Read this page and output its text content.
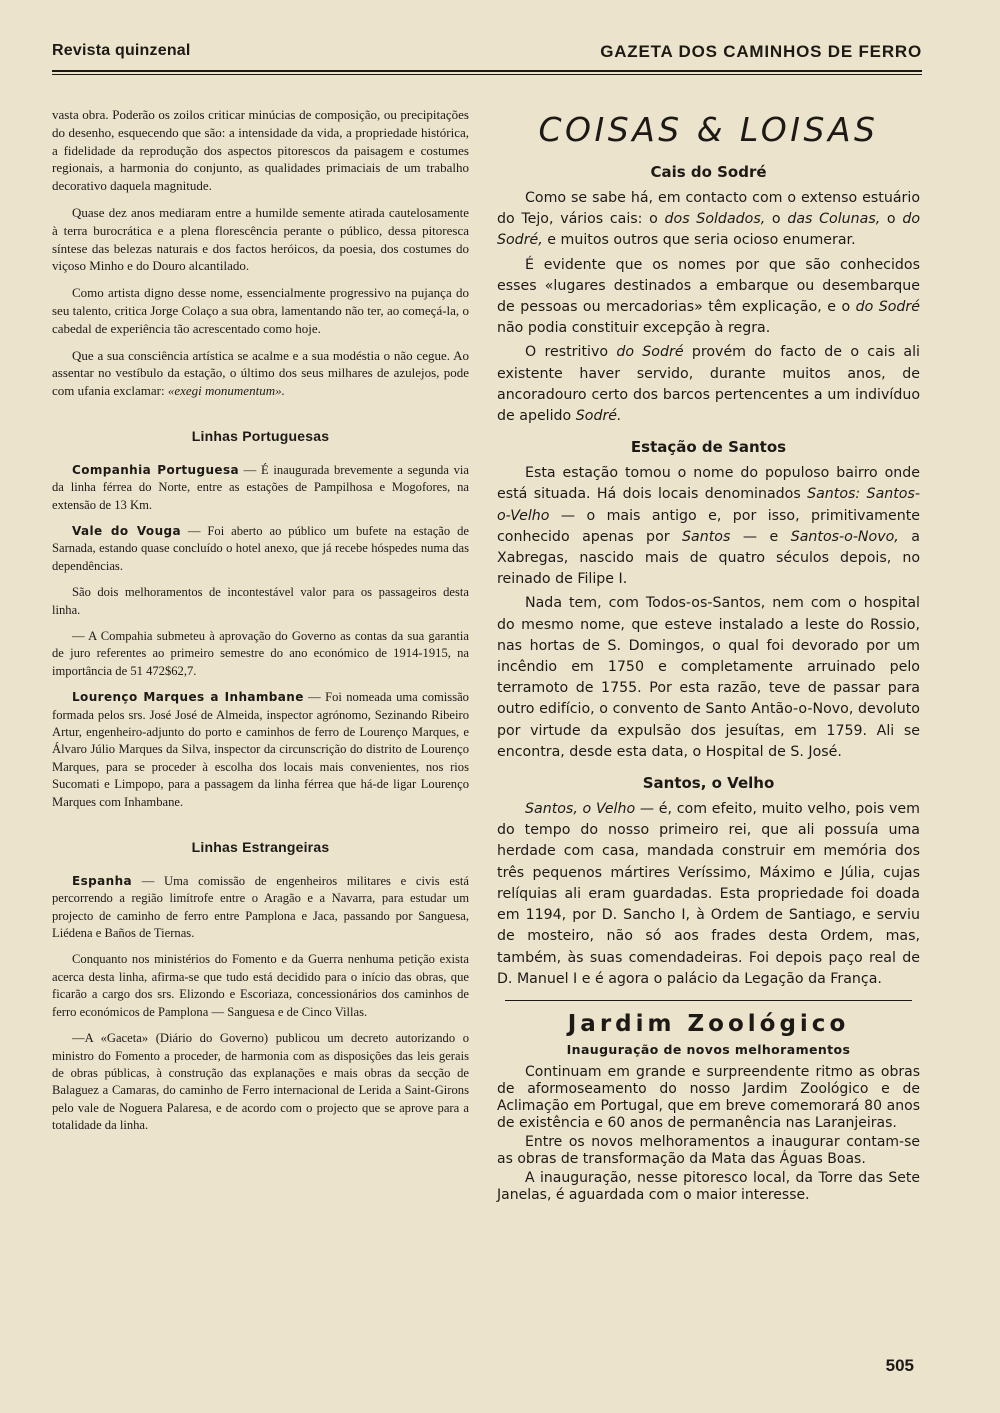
Revista quinzenal	GAZETA DOS CAMINHOS DE FERRO

vasta obra. Poderão os zoilos criticar minúcias de composição, ou precipitações do desenho, esquecendo que são: a intensidade da vida, a propriedade histórica, a fidelidade da reprodução dos aspectos pitorescos da paisagem e costumes regionais, a harmonia do conjunto, as qualidades primaciais de um trabalho decorativo daquela magnitude.

Quase dez anos mediaram entre a humilde semente atirada cautelosamente à terra burocrática e a plena florescência perante o público, dessa pitoresca síntese das belezas naturais e dos factos heróicos, da poesia, dos costumes do viçoso Minho e do Douro alcantilado.

Como artista digno desse nome, essencialmente progressivo na pujança do seu talento, critica Jorge Colaço a sua obra, lamentando não ter, ao começá-la, o cabedal de experiência tão acrescentado como hoje.

Que a sua consciência artística se acalme e a sua modéstia o não cegue. Ao assentar no vestíbulo da estação, o último dos seus milhares de azulejos, pode com ufania exclamar: «exegi monumentum».

Linhas Portuguesas

Companhia Portuguesa — É inaugurada brevemente a segunda via da linha férrea do Norte, entre as estações de Pampilhosa e Mogofores, na extensão de 13 Km.

Vale do Vouga — Foi aberto ao público um bufete na estação de Sarnada, estando quase concluído o hotel anexo, que já recebe hóspedes numa das dependências.

São dois melhoramentos de incontestável valor para os passageiros desta linha.

— A Compahia submeteu à aprovação do Governo as contas da sua garantia de juro referentes ao primeiro semestre do ano económico de 1914-1915, na importância de 51 472$62,7.

Lourenço Marques a Inhambane — Foi nomeada uma comissão formada pelos srs. José José de Almeida, inspector agrónomo, Sezinando Ribeiro Artur, engenheiro-adjunto do porto e caminhos de ferro de Lourenço Marques, e Álvaro Júlio Marques da Silva, inspector da circunscrição do distrito de Lourenço Marques, para se proceder à escolha dos locais mais convenientes, nos rios Sucomati e Limpopo, para a passagem da linha férrea que há-de ligar Lourenço Marques com Inhambane.

Linhas Estrangeiras

Espanha — Uma comissão de engenheiros militares e civis está percorrendo a região limítrofe entre o Aragão e a Navarra, para estudar um projecto de caminho de ferro entre Pamplona e Jaca, passando por Sanguesa, Liédena e Baños de Tiernas.

Conquanto nos ministérios do Fomento e da Guerra nenhuma petição exista acerca desta linha, afirma-se que tudo está decidido para o início das obras, que ficarão a cargo dos srs. Elizondo e Escoriaza, concessionários dos caminhos de ferro económicos de Pamplona — Sanguesa e de Cinco Villas.

—A «Gaceta» (Diário do Governo) publicou um decreto autorizando o ministro do Fomento a proceder, de harmonia com as disposições das leis gerais de obras públicas, à construção das explanações e mais obras da secção de Balaguez a Camaras, do caminho de Ferro internacional de Lerida a Saint-Girons pelo vale de Noguera Palaresa, e de acordo com o projecto que se aprove para a totalidade da linha.

COISAS & LOISAS
Cais do Sodré

Como se sabe há, em contacto com o extenso estuário do Tejo, vários cais: o dos Soldados, o das Colunas, o do Sodré, e muitos outros que seria ocioso enumerar.

É evidente que os nomes por que são conhecidos esses «lugares destinados a embarque ou desembarque de pessoas ou mercadorias» têm explicação, e o do Sodré não podia constituir excepção à regra.

O restritivo do Sodré provém do facto de o cais ali existente haver servido, durante muitos anos, de ancoradouro certo dos barcos pertencentes a um indivíduo de apelido Sodré.

Estação de Santos

Esta estação tomou o nome do populoso bairro onde está situada. Há dois locais denominados Santos: Santos-o-Velho — o mais antigo e, por isso, primitivamente conhecido apenas por Santos — e Santos-o-Novo, a Xabregas, nascido mais de quatro séculos depois, no reinado de Filipe I.

Nada tem, com Todos-os-Santos, nem com o hospital do mesmo nome, que esteve instalado a leste do Rossio, nas hortas de S. Domingos, o qual foi devorado por um incêndio em 1750 e completamente arruinado pelo terramoto de 1755. Por esta razão, teve de passar para outro edifício, o convento de Santo Antão-o-Novo, devoluto por virtude da expulsão dos jesuítas, em 1759. Ali se encontra, desde esta data, o Hospital de S. José.

Santos, o Velho

Santos, o Velho — é, com efeito, muito velho, pois vem do tempo do nosso primeiro rei, que ali possuía uma herdade com casa, mandada construir em memória dos três pequenos mártires Veríssimo, Máximo e Júlia, cujas relíquias ali eram guardadas. Esta propriedade foi doada em 1194, por D. Sancho I, à Ordem de Santiago, e serviu de mosteiro, não só aos frades desta Ordem, mas, também, às suas comendadeiras. Foi depois paço real de D. Manuel I e é agora o palácio da Legação da França.

Jardim Zoológico
Inauguração de novos melhoramentos

Continuam em grande e surpreendente ritmo as obras de aformoseamento do nosso Jardim Zoológico e de Aclimação em Portugal, que em breve comemorará 80 anos de existência e 60 anos de permanência nas Laranjeiras.

Entre os novos melhoramentos a inaugurar contam-se as obras de transformação da Mata das Águas Boas.

A inauguração, nesse pitoresco local, da Torre das Sete Janelas, é aguardada com o maior interesse.

505
